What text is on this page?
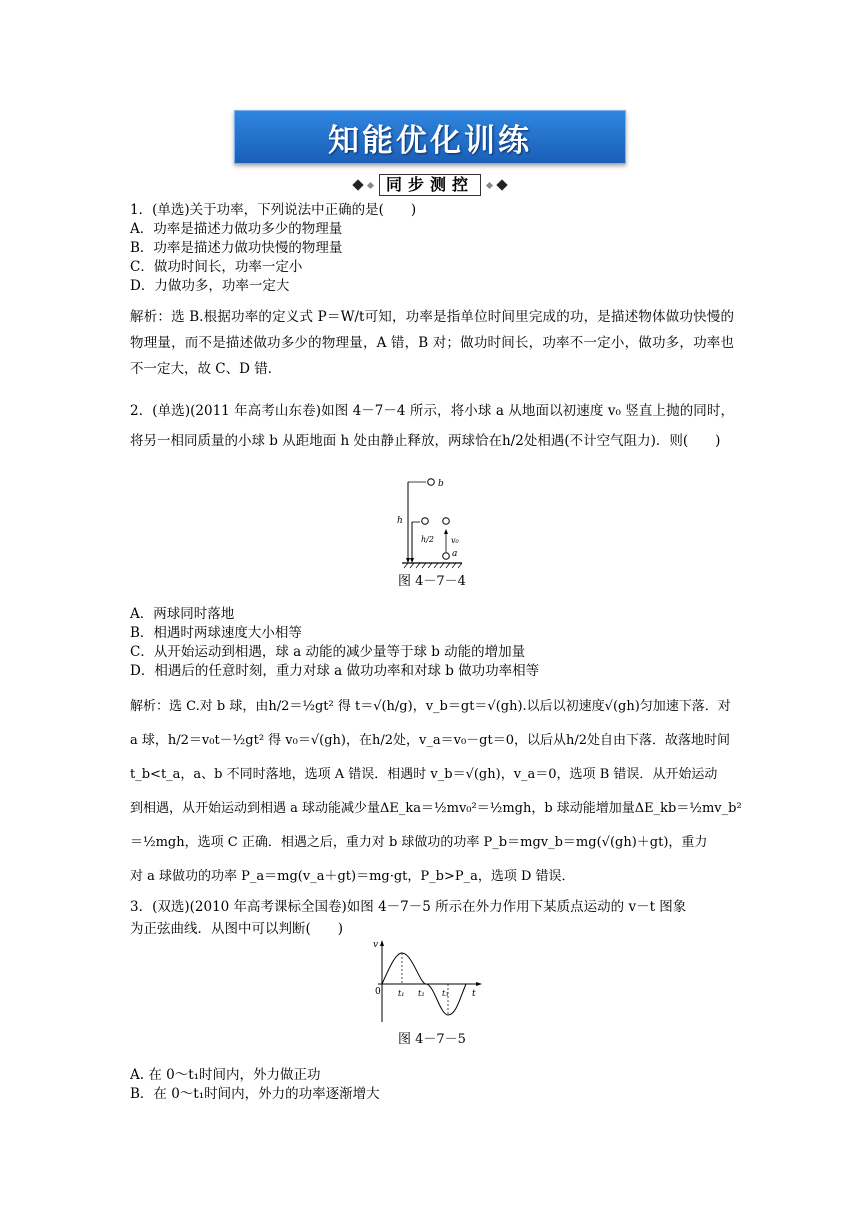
知能优化训练
同步测控
1．(单选)关于功率，下列说法中正确的是(　　)
A．功率是描述力做功多少的物理量
B．功率是描述力做功快慢的物理量
C．做功时间长，功率一定小
D．力做功多，功率一定大
解析：选 B.根据功率的定义式 P＝W/t可知，功率是指单位时间里完成的功，是描述物体做功快慢的物理量，而不是描述做功多少的物理量，A 错，B 对；做功时间长，功率不一定小，做功多，功率也不一定大，故 C、D 错．
2．(单选)(2011 年高考山东卷)如图 4－7－4 所示，将小球 a 从地面以初速度 v₀ 竖直上抛的同时，将另一相同质量的小球 b 从距地面 h 处由静止释放，两球恰在h/2处相遇(不计空气阻力)．则(　　)
b
h
h/2 v₀
a
图 4－7－4
A．两球同时落地
B．相遇时两球速度大小相等
C．从开始运动到相遇，球 a 动能的减少量等于球 b 动能的增加量
D．相遇后的任意时刻，重力对球 a 做功功率和对球 b 做功功率相等
解析：选 C.对 b 球，由h/2＝½gt² 得 t＝√(h/g)，v_b＝gt＝√(gh).以后以初速度√(gh)匀加速下落．对
a 球，h/2＝v₀t－½gt² 得 v₀＝√(gh)，在h/2处，v_a＝v₀－gt＝0，以后从h/2处自由下落．故落地时间
t_b<t_a，a、b 不同时落地，选项 A 错误．相遇时 v_b＝√(gh)，v_a＝0，选项 B 错误．从开始运动
到相遇，从开始运动到相遇 a 球动能减少量ΔE_ka＝½mv₀²＝½mgh，b 球动能增加量ΔE_kb＝½mv_b²
＝½mgh，选项 C 正确．相遇之后，重力对 b 球做功的功率 P_b＝mgv_b＝mg(√(gh)＋gt)，重力
对 a 球做功的功率 P_a＝mg(v_a＋gt)＝mg·gt，P_b>P_a，选项 D 错误．
3．(双选)(2010 年高考课标全国卷)如图 4－7－5 所示在外力作用下某质点运动的 v－t 图象
为正弦曲线．从图中可以判断(　　)
v
0 t₁ t₂ t₃	t
图 4－7－5
A. 在 0～t₁时间内，外力做正功
B．在 0～t₁时间内，外力的功率逐渐增大
